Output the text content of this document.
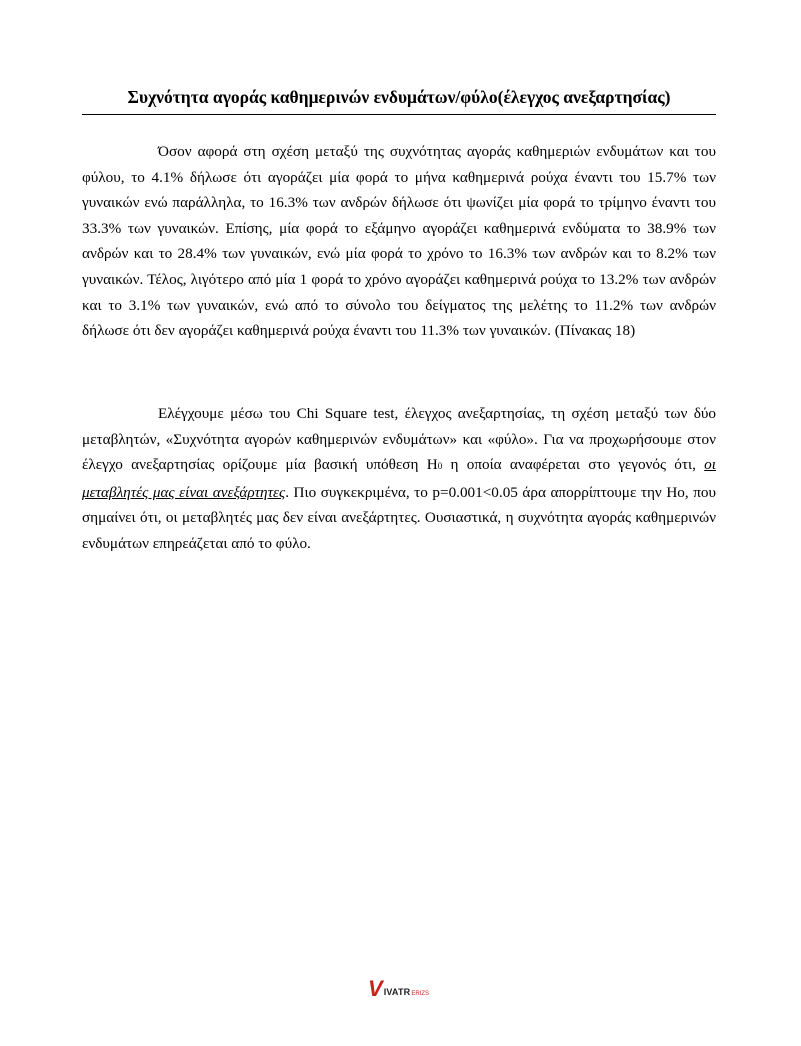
Συχνότητα αγοράς καθημερινών ενδυμάτων/φύλο(έλεγχος ανεξαρτησίας)

Όσον αφορά στη σχέση μεταξύ της συχνότητας αγοράς καθημεριών ενδυμάτων και του φύλου, το 4.1% δήλωσε ότι αγοράζει μία φορά το μήνα καθημερινά ρούχα έναντι του 15.7% των γυναικών ενώ παράλληλα, το 16.3% των ανδρών δήλωσε ότι ψωνίζει μία φορά το τρίμηνο έναντι του 33.3% των γυναικών. Επίσης, μία φορά το εξάμηνο αγοράζει καθημερινά ενδύματα το 38.9% των ανδρών και το 28.4% των γυναικών, ενώ μία φορά το χρόνο το 16.3% των ανδρών και το 8.2% των γυναικών. Τέλος, λιγότερο από μία 1 φορά το χρόνο αγοράζει καθημερινά ρούχα το 13.2% των ανδρών και το 3.1% των γυναικών, ενώ από το σύνολο του δείγματος της μελέτης το 11.2% των ανδρών δήλωσε ότι δεν αγοράζει καθημερινά ρούχα έναντι του 11.3% των γυναικών. (Πίνακας 18)

Ελέγχουμε μέσω του Chi Square test, έλεγχος ανεξαρτησίας, τη σχέση μεταξύ των δύο μεταβλητών, «Συχνότητα αγορών καθημερινών ενδυμάτων» και «φύλο». Για να προχωρήσουμε στον έλεγχο ανεξαρτησίας ορίζουμε μία βασική υπόθεση H0 η οποία αναφέρεται στο γεγονός ότι, οι μεταβλητές μας είναι ανεξάρτητες. Πιο συγκεκριμένα, το p=0.001<0.05 άρα απορρίπτουμε την Ho, που σημαίνει ότι, οι μεταβλητές μας δεν είναι ανεξάρτητες. Ουσιαστικά, η συχνότητα αγοράς καθημερινών ενδυμάτων επηρεάζεται από το φύλο.

V IVATR ERIZS
